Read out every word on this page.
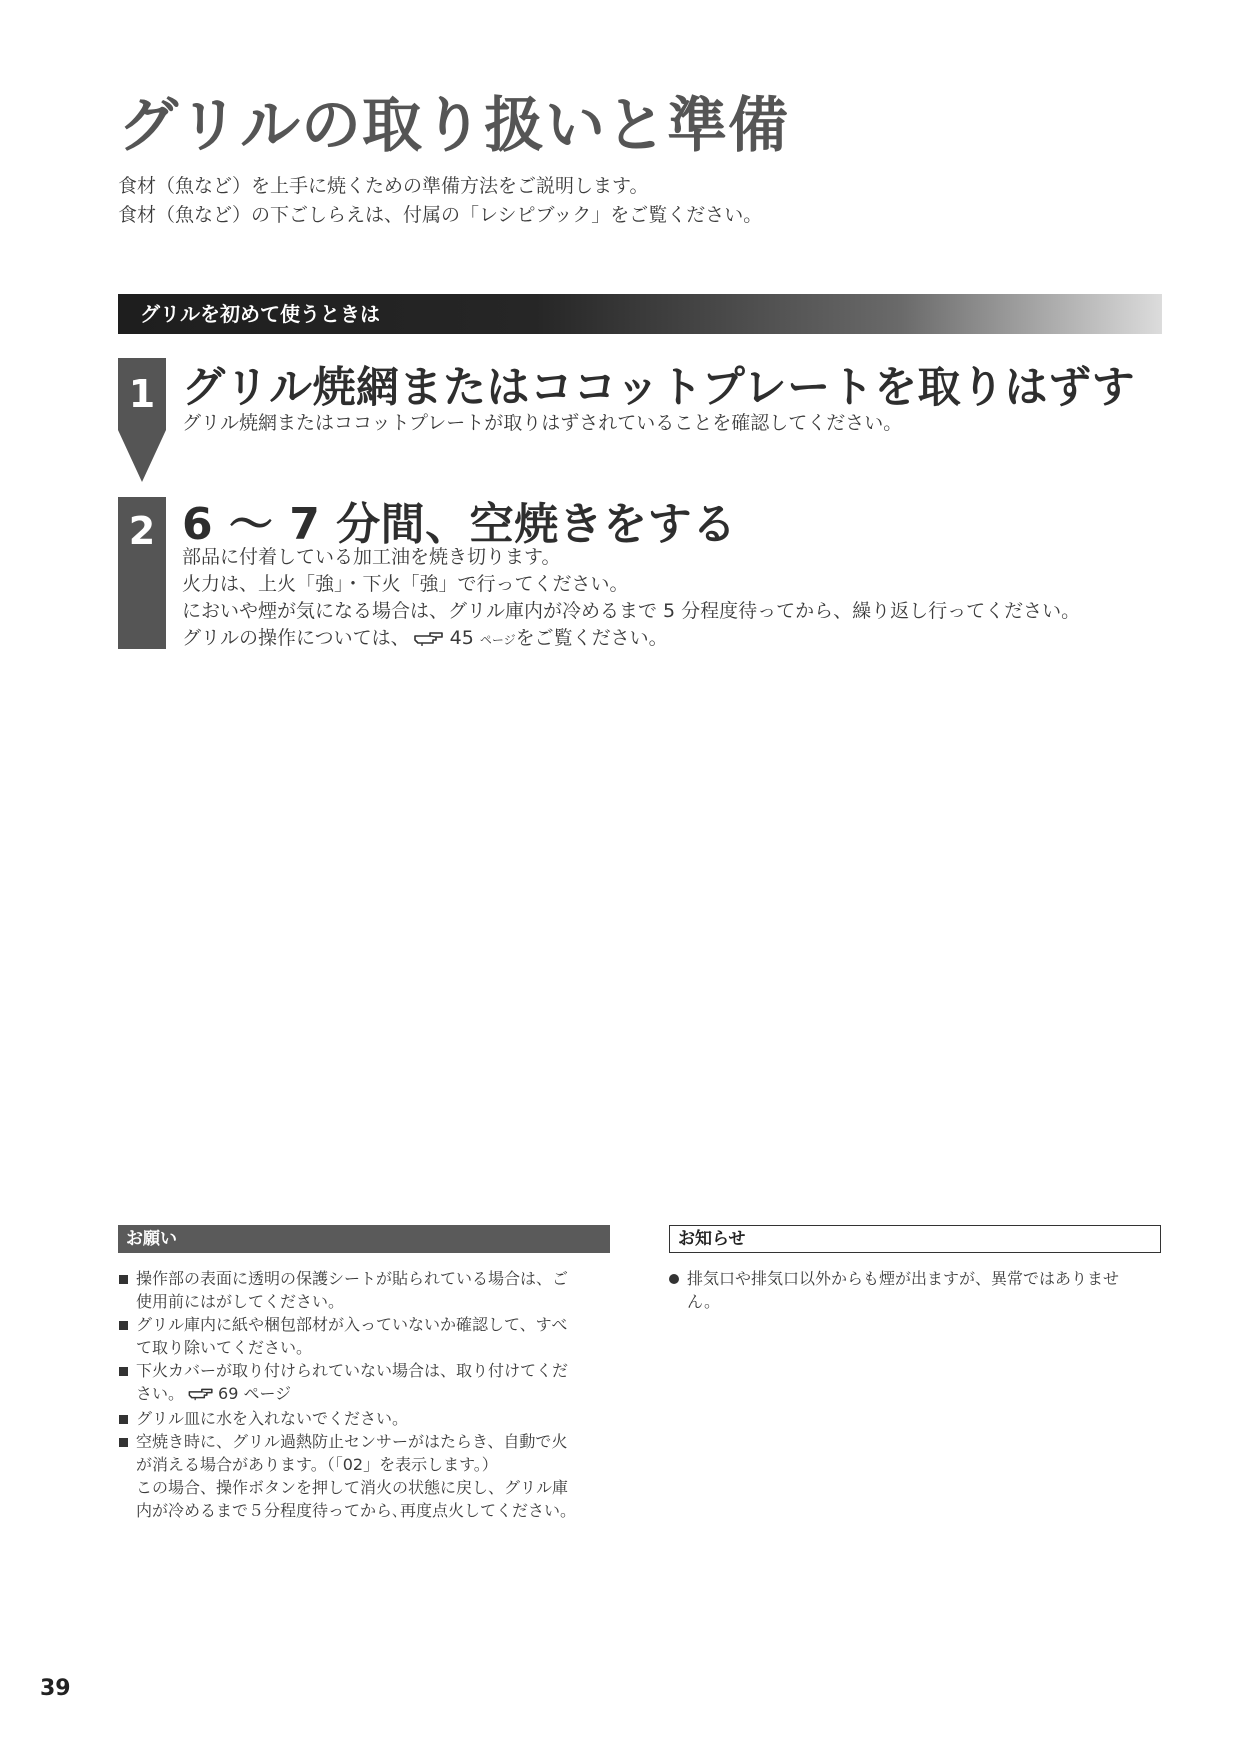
グリルの取り扱いと準備
食材（魚など）を上手に焼くための準備方法をご説明します。
食材（魚など）の下ごしらえは、付属の「レシピブック」をご覧ください。
グリルを初めて使うときは
1 グリル焼網またはココットプレートを取りはずす
グリル焼網またはココットプレートが取りはずされていることを確認してください。
2 6 ～ 7 分間、空焼きをする
部品に付着している加工油を焼き切ります。
火力は、上火「強」・下火「強」で行ってください。
においや煙が気になる場合は、グリル庫内が冷めるまで 5 分程度待ってから、繰り返し行ってください。
グリルの操作については、 45 ページをご覧ください。
お願い
操作部の表面に透明の保護シートが貼られている場合は、ご
使用前にはがしてください。
グリル庫内に紙や梱包部材が入っていないか確認して、すべ
て取り除いてください。
下火カバーが取り付けられていない場合は、取り付けてくだ
さい。 69 ページ
グリル皿に水を入れないでください。
空焼き時に、グリル過熱防止センサーがはたらき、自動で火
が消える場合があります。（「02」を表示します。）
この場合、操作ボタンを押して消火の状態に戻し、グリル庫
内が冷めるまで５分程度待ってから､再度点火してください。
お知らせ
排気口や排気口以外からも煙が出ますが、異常ではありませ
ん。
39
